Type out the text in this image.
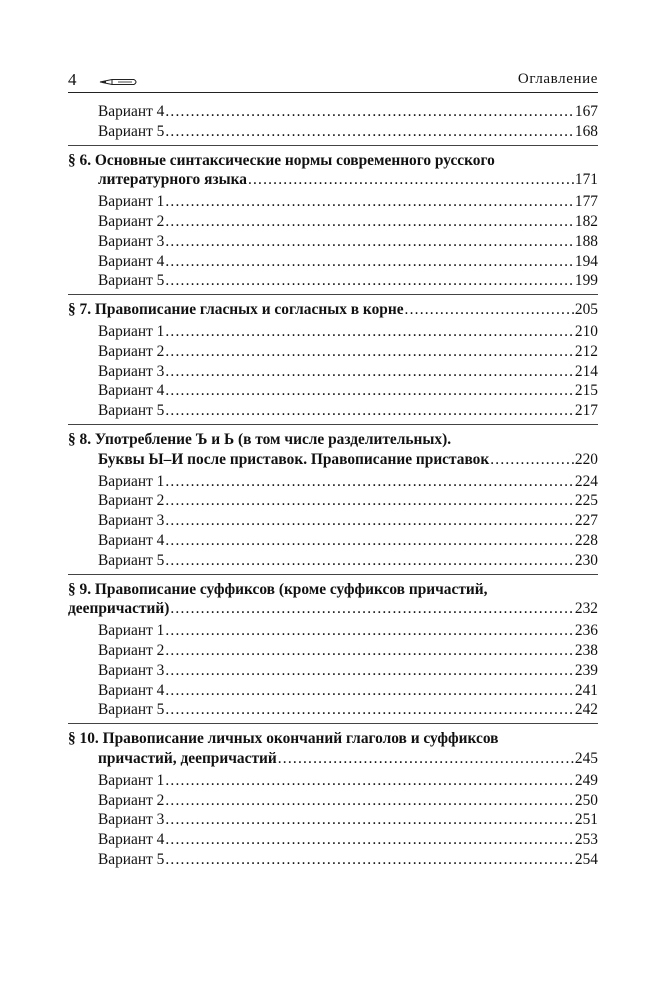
4	Оглавление
Вариант 4 .....	167
Вариант 5 .....	168
§ 6. Основные синтаксические нормы современного русского
литературного языка .....	171
Вариант 1 .....	177
Вариант 2 .....	182
Вариант 3 .....	188
Вариант 4 .....	194
Вариант 5 .....	199
§ 7. Правописание гласных и согласных в корне .....	205
Вариант 1 .....	210
Вариант 2 .....	212
Вариант 3 .....	214
Вариант 4 .....	215
Вариант 5 .....	217
§ 8. Употребление Ъ и Ь (в том числе разделительных).
Буквы Ы–И после приставок. Правописание приставок .....	220
Вариант 1 .....	224
Вариант 2 .....	225
Вариант 3 .....	227
Вариант 4 .....	228
Вариант 5 .....	230
§ 9. Правописание суффиксов (кроме суффиксов причастий,
деепричастий) .....	232
Вариант 1 .....	236
Вариант 2 .....	238
Вариант 3 .....	239
Вариант 4 .....	241
Вариант 5 .....	242
§ 10. Правописание личных окончаний глаголов и суффиксов
причастий, деепричастий .....	245
Вариант 1 .....	249
Вариант 2 .....	250
Вариант 3 .....	251
Вариант 4 .....	253
Вариант 5 .....	254
